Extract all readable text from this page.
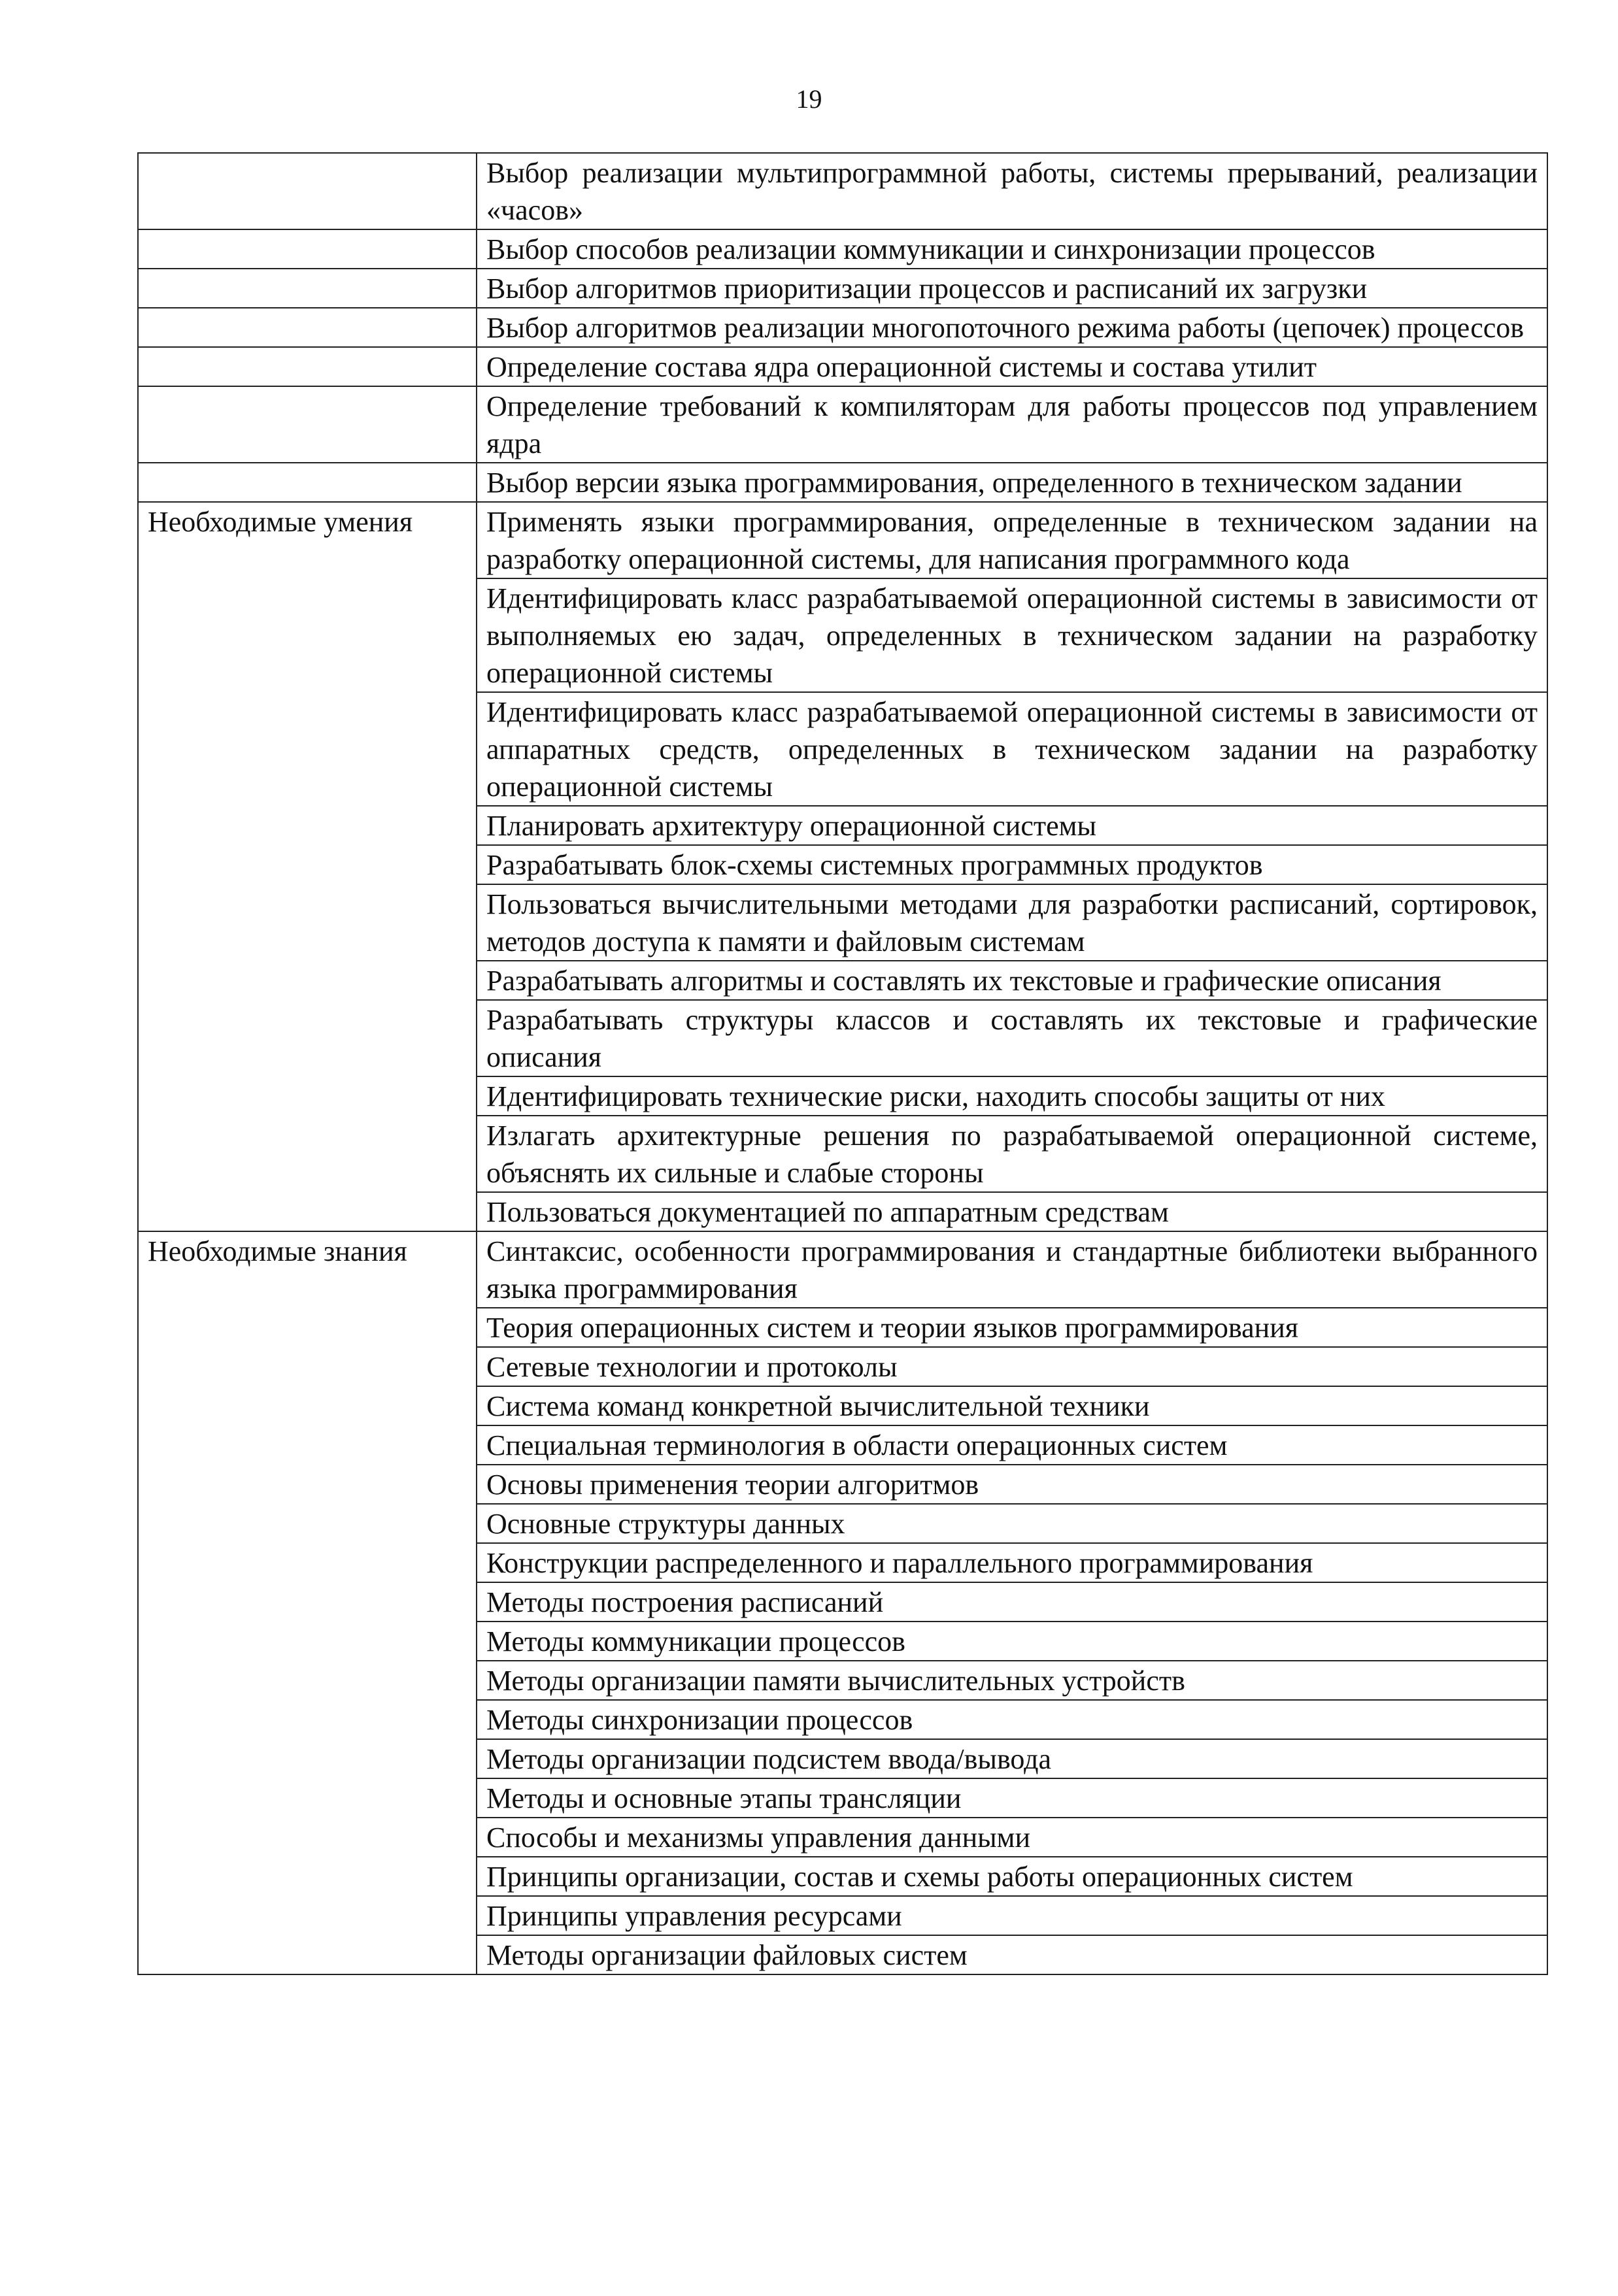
19
	Выбор реализации мультипрограммной работы, системы прерываний, реализации «часов»
	Выбор способов реализации коммуникации и синхронизации процессов
	Выбор алгоритмов приоритизации процессов и расписаний их загрузки
	Выбор алгоритмов реализации многопоточного режима работы (цепочек) процессов
	Определение состава ядра операционной системы и состава утилит
	Определение требований к компиляторам для работы процессов под управлением ядра
	Выбор версии языка программирования, определенного в техническом задании
Необходимые умения	Применять языки программирования, определенные в техническом задании на разработку операционной системы, для написания программного кода
	Идентифицировать класс разрабатываемой операционной системы в зависимости от выполняемых ею задач, определенных в техническом задании на разработку операционной системы
	Идентифицировать класс разрабатываемой операционной системы в зависимости от аппаратных средств, определенных в техническом задании на разработку операционной системы
	Планировать архитектуру операционной системы
	Разрабатывать блок-схемы системных программных продуктов
	Пользоваться вычислительными методами для разработки расписаний, сортировок, методов доступа к памяти и файловым системам
	Разрабатывать алгоритмы и составлять их текстовые и графические описания
	Разрабатывать структуры классов и составлять их текстовые и графические описания
	Идентифицировать технические риски, находить способы защиты от них
	Излагать архитектурные решения по разрабатываемой операционной системе, объяснять их сильные и слабые стороны
	Пользоваться документацией по аппаратным средствам
Необходимые знания	Синтаксис, особенности программирования и стандартные библиотеки выбранного языка программирования
	Теория операционных систем и теории языков программирования
	Сетевые технологии и протоколы
	Система команд конкретной вычислительной техники
	Специальная терминология в области операционных систем
	Основы применения теории алгоритмов
	Основные структуры данных
	Конструкции распределенного и параллельного программирования
	Методы построения расписаний
	Методы коммуникации процессов
	Методы организации памяти вычислительных устройств
	Методы синхронизации процессов
	Методы организации подсистем ввода/вывода
	Методы и основные этапы трансляции
	Способы и механизмы управления данными
	Принципы организации, состав и схемы работы операционных систем
	Принципы управления ресурсами
	Методы организации файловых систем
